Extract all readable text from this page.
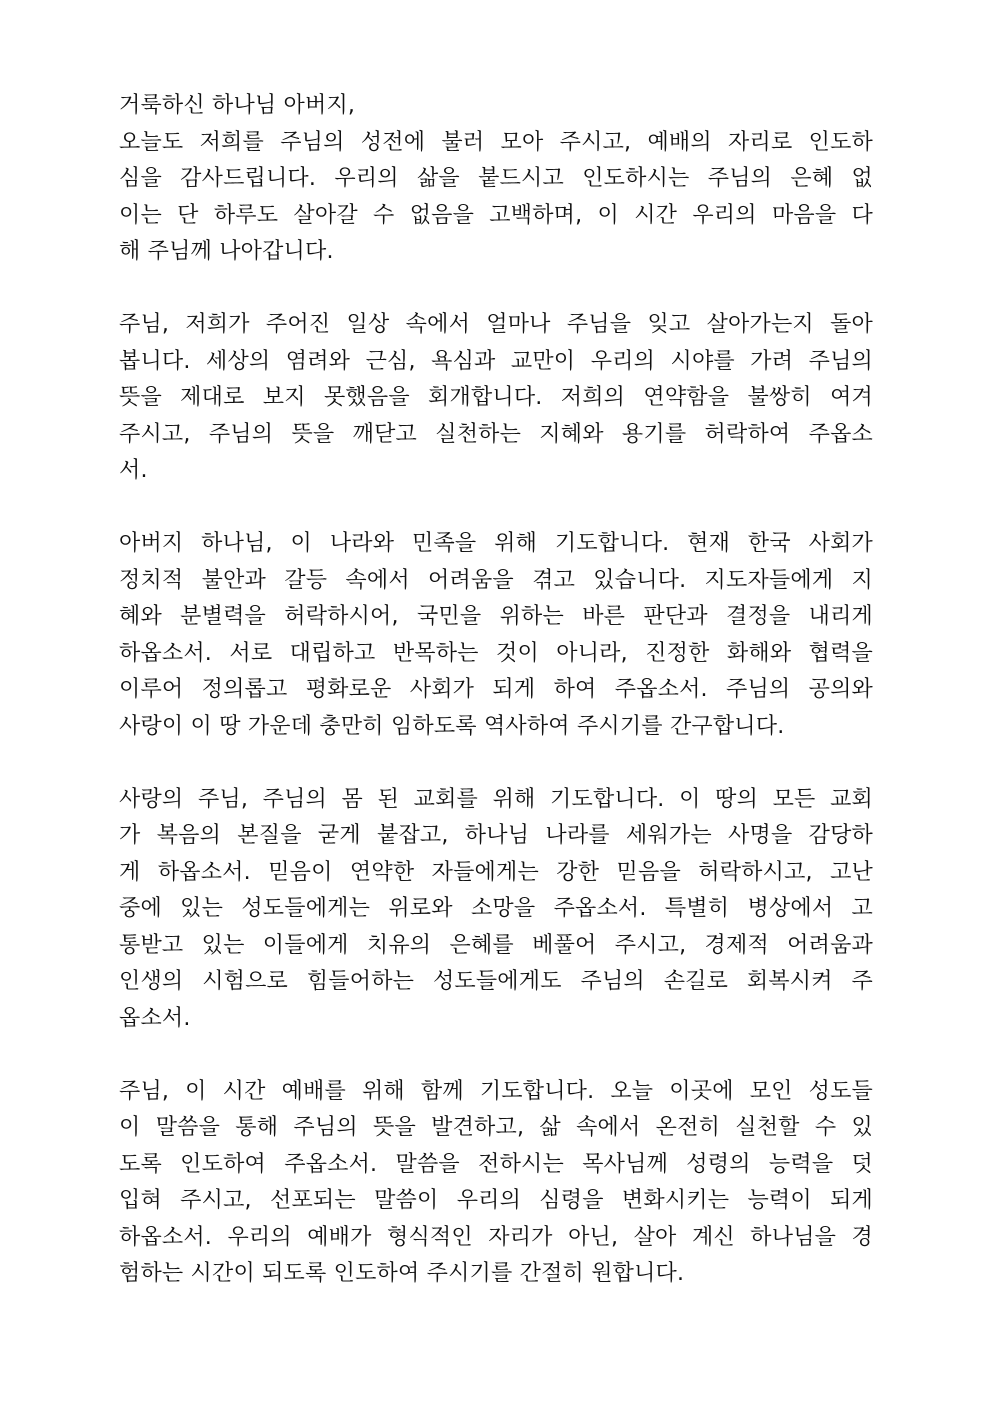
거룩하신 하나님 아버지,
오늘도 저희를 주님의 성전에 불러 모아 주시고, 예배의 자리로 인도하
심을 감사드립니다. 우리의 삶을 붙드시고 인도하시는 주님의 은혜 없
이는 단 하루도 살아갈 수 없음을 고백하며, 이 시간 우리의 마음을 다
해 주님께 나아갑니다.
주님, 저희가 주어진 일상 속에서 얼마나 주님을 잊고 살아가는지 돌아
봅니다. 세상의 염려와 근심, 욕심과 교만이 우리의 시야를 가려 주님의
뜻을 제대로 보지 못했음을 회개합니다. 저희의 연약함을 불쌍히 여겨
주시고, 주님의 뜻을 깨닫고 실천하는 지혜와 용기를 허락하여 주옵소
서.
아버지 하나님, 이 나라와 민족을 위해 기도합니다. 현재 한국 사회가
정치적 불안과 갈등 속에서 어려움을 겪고 있습니다. 지도자들에게 지
혜와 분별력을 허락하시어, 국민을 위하는 바른 판단과 결정을 내리게
하옵소서. 서로 대립하고 반목하는 것이 아니라, 진정한 화해와 협력을
이루어 정의롭고 평화로운 사회가 되게 하여 주옵소서. 주님의 공의와
사랑이 이 땅 가운데 충만히 임하도록 역사하여 주시기를 간구합니다.
사랑의 주님, 주님의 몸 된 교회를 위해 기도합니다. 이 땅의 모든 교회
가 복음의 본질을 굳게 붙잡고, 하나님 나라를 세워가는 사명을 감당하
게 하옵소서. 믿음이 연약한 자들에게는 강한 믿음을 허락하시고, 고난
중에 있는 성도들에게는 위로와 소망을 주옵소서. 특별히 병상에서 고
통받고 있는 이들에게 치유의 은혜를 베풀어 주시고, 경제적 어려움과
인생의 시험으로 힘들어하는 성도들에게도 주님의 손길로 회복시켜 주
옵소서.
주님, 이 시간 예배를 위해 함께 기도합니다. 오늘 이곳에 모인 성도들
이 말씀을 통해 주님의 뜻을 발견하고, 삶 속에서 온전히 실천할 수 있
도록 인도하여 주옵소서. 말씀을 전하시는 목사님께 성령의 능력을 덧
입혀 주시고, 선포되는 말씀이 우리의 심령을 변화시키는 능력이 되게
하옵소서. 우리의 예배가 형식적인 자리가 아닌, 살아 계신 하나님을 경
험하는 시간이 되도록 인도하여 주시기를 간절히 원합니다.
